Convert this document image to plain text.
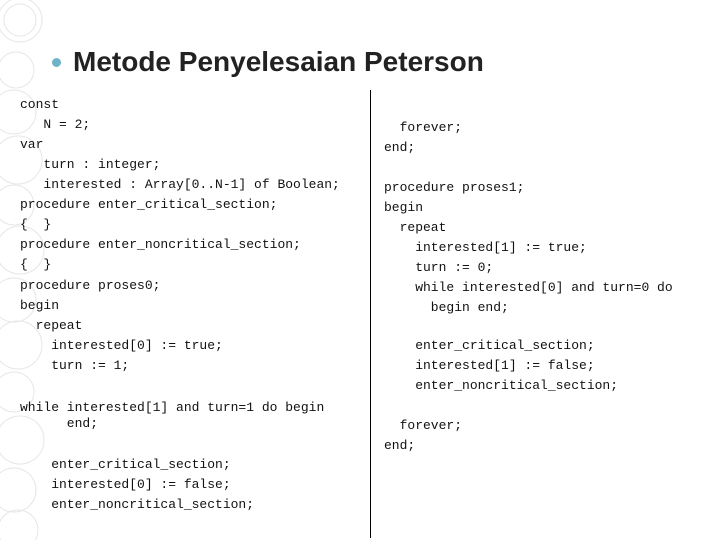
Metode Penyelesaian Peterson
const
N = 2;
var
turn : integer;
interested : Array[0..N-1] of Boolean;
procedure enter_critical_section;
{  }
procedure enter_noncritical_section;
{  }
procedure proses0;
begin
repeat
interested[0] := true;
turn := 1;
while interested[1] and turn=1 do begin
end;
enter_critical_section;
interested[0] := false;
enter_noncritical_section;
forever;
end;
procedure proses1;
begin
repeat
interested[1] := true;
turn := 0;
while interested[0] and turn=0 do
begin end;
enter_critical_section;
interested[1] := false;
enter_noncritical_section;
forever;
end;
